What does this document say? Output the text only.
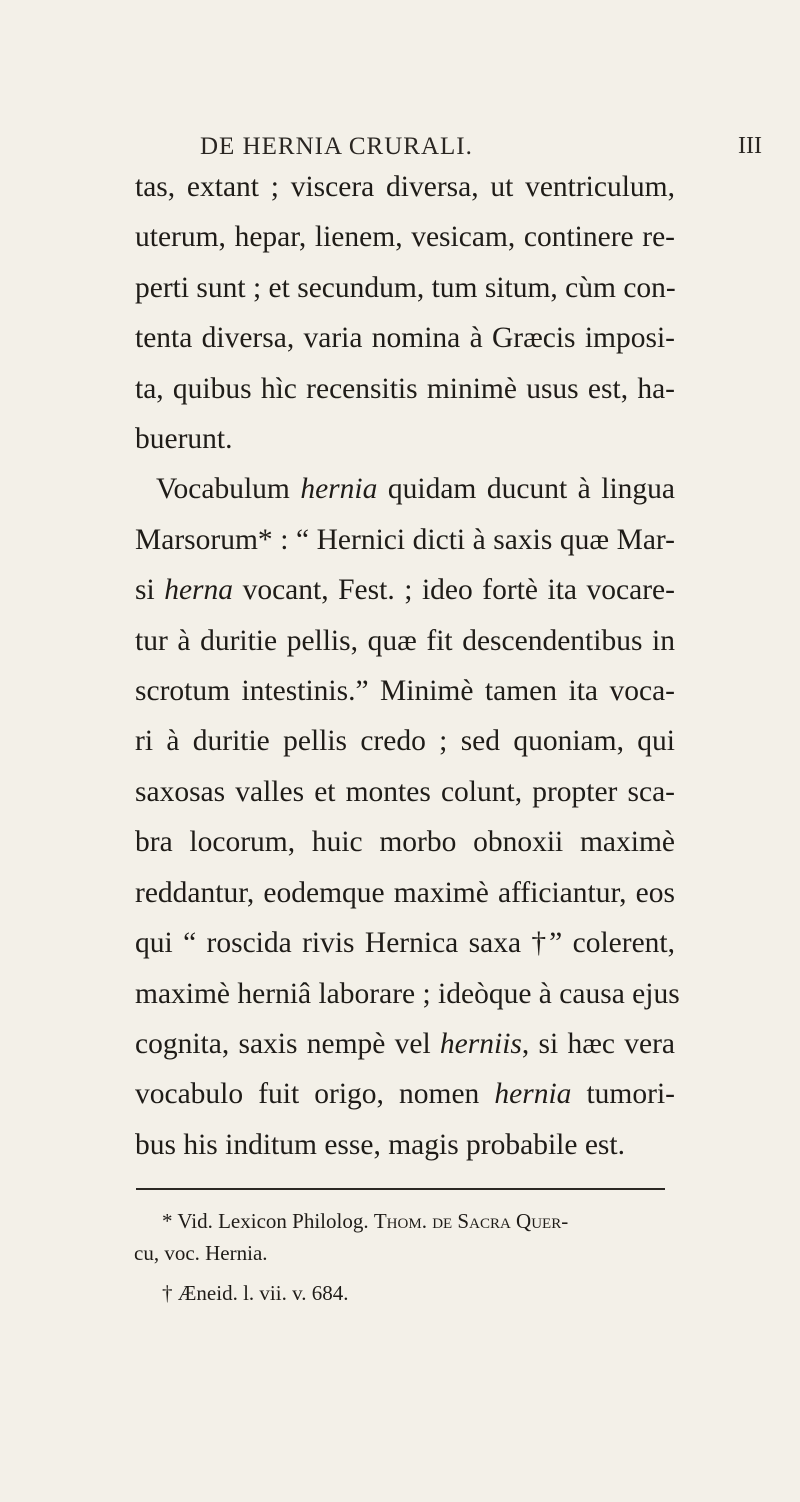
DE HERNIA CRURALI.	III
tas, extant ; viscera diversa, ut ventriculum,
uterum, hepar, lienem, vesicam, continere re-
perti sunt ; et secundum, tum situm, cùm con-
tenta diversa, varia nomina à Græcis imposi-
ta, quibus hìc recensitis minimè usus est, ha-
buerunt.
Vocabulum hernia quidam ducunt à lingua
Marsorum* : “ Hernici dicti à saxis quæ Mar-
si herna vocant, Fest. ; ideo fortè ita vocare-
tur à duritie pellis, quæ fit descendentibus in
scrotum intestinis.” Minimè tamen ita voca-
ri à duritie pellis credo ; sed quoniam, qui
saxosas valles et montes colunt, propter sca-
bra locorum, huic morbo obnoxii maximè
reddantur, eodemque maximè afficiantur, eos
qui “ roscida rivis Hernica saxa †” colerent,
maximè herniâ laborare ; ideòque à causa ejus
cognita, saxis nempè vel herniis, si hæc vera
vocabulo fuit origo, nomen hernia tumori-
bus his inditum esse, magis probabile est.
* Vid. Lexicon Philolog. Thom. de Sacra Quer-
cu, voc. Hernia.
† Æneid. l. vii. v. 684.
